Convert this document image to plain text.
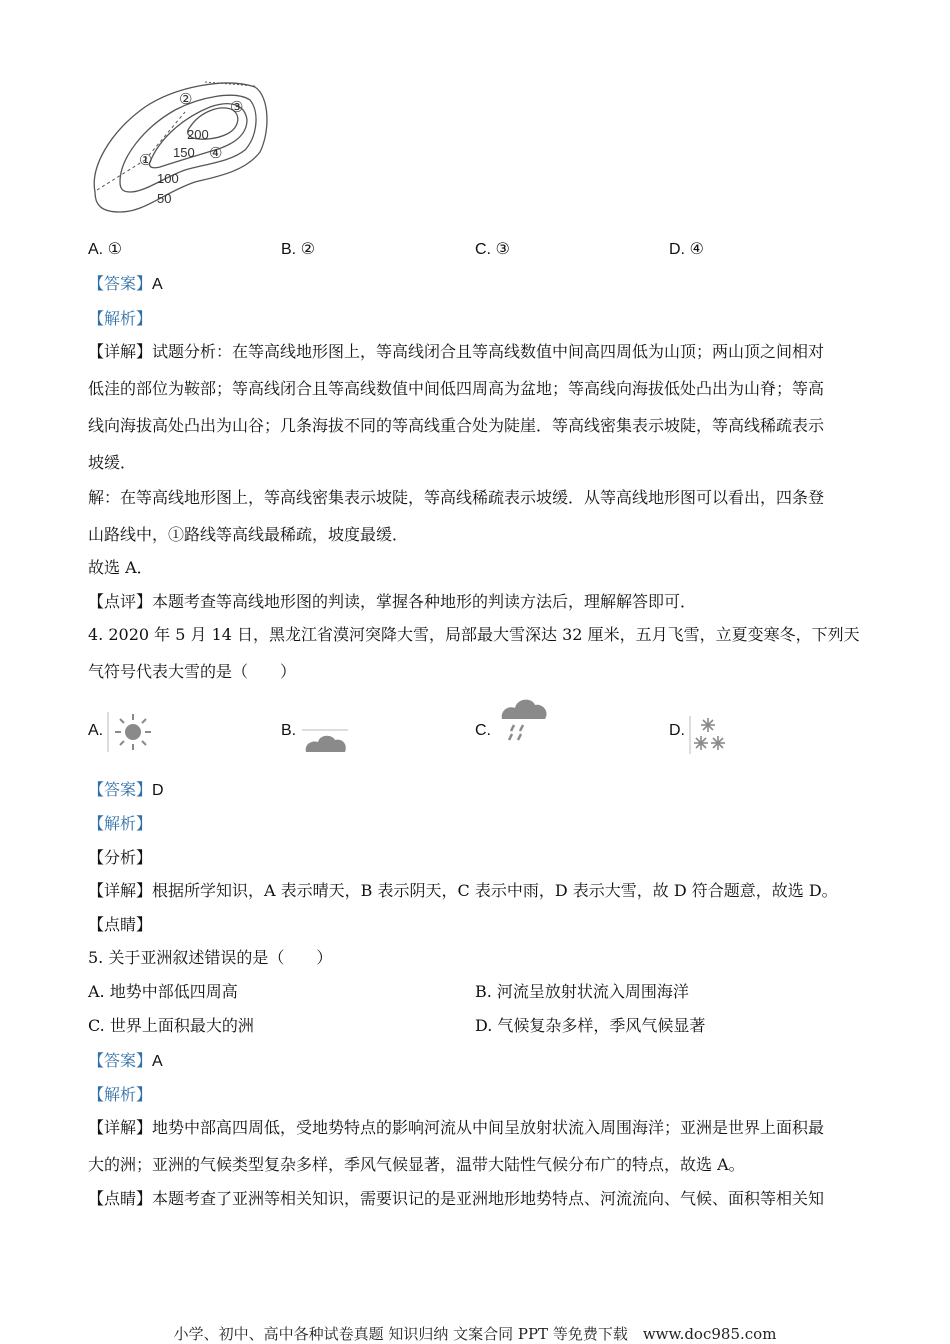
200
150
100
50
①
②	③
④
A. ①	B. ②	C. ③	D. ④
【答案】A
【解析】
【详解】试题分析：在等高线地形图上，等高线闭合且等高线数值中间高四周低为山顶；两山顶之间相对
低洼的部位为鞍部；等高线闭合且等高线数值中间低四周高为盆地；等高线向海拔低处凸出为山脊；等高
线向海拔高处凸出为山谷；几条海拔不同的等高线重合处为陡崖．等高线密集表示坡陡，等高线稀疏表示
坡缓．
解：在等高线地形图上，等高线密集表示坡陡，等高线稀疏表示坡缓．从等高线地形图可以看出，四条登
山路线中，①路线等高线最稀疏，坡度最缓．
故选 A．
【点评】本题考查等高线地形图的判读，掌握各种地形的判读方法后，理解解答即可．
4. 2020 年 5 月 14 日，黑龙江省漠河突降大雪，局部最大雪深达 32 厘米，五月飞雪，立夏变寒冬，下列天
气符号代表大雪的是（　　）
A.	B.	C.	D.
【答案】D
【解析】
【分析】
【详解】根据所学知识，A 表示晴天，B 表示阴天，C 表示中雨，D 表示大雪，故 D 符合题意，故选 D。
【点睛】
5. 关于亚洲叙述错误的是（　　）
A. 地势中部低四周高	B. 河流呈放射状流入周围海洋
C. 世界上面积最大的洲	D. 气候复杂多样，季风气候显著
【答案】A
【解析】
【详解】地势中部高四周低，受地势特点的影响河流从中间呈放射状流入周围海洋；亚洲是世界上面积最
大的洲；亚洲的气候类型复杂多样，季风气候显著，温带大陆性气候分布广的特点，故选 A。
【点睛】本题考查了亚洲等相关知识，需要识记的是亚洲地形地势特点、河流流向、气候、面积等相关知
小学、初中、高中各种试卷真题 知识归纳 文案合同 PPT 等免费下载　www.doc985.com
